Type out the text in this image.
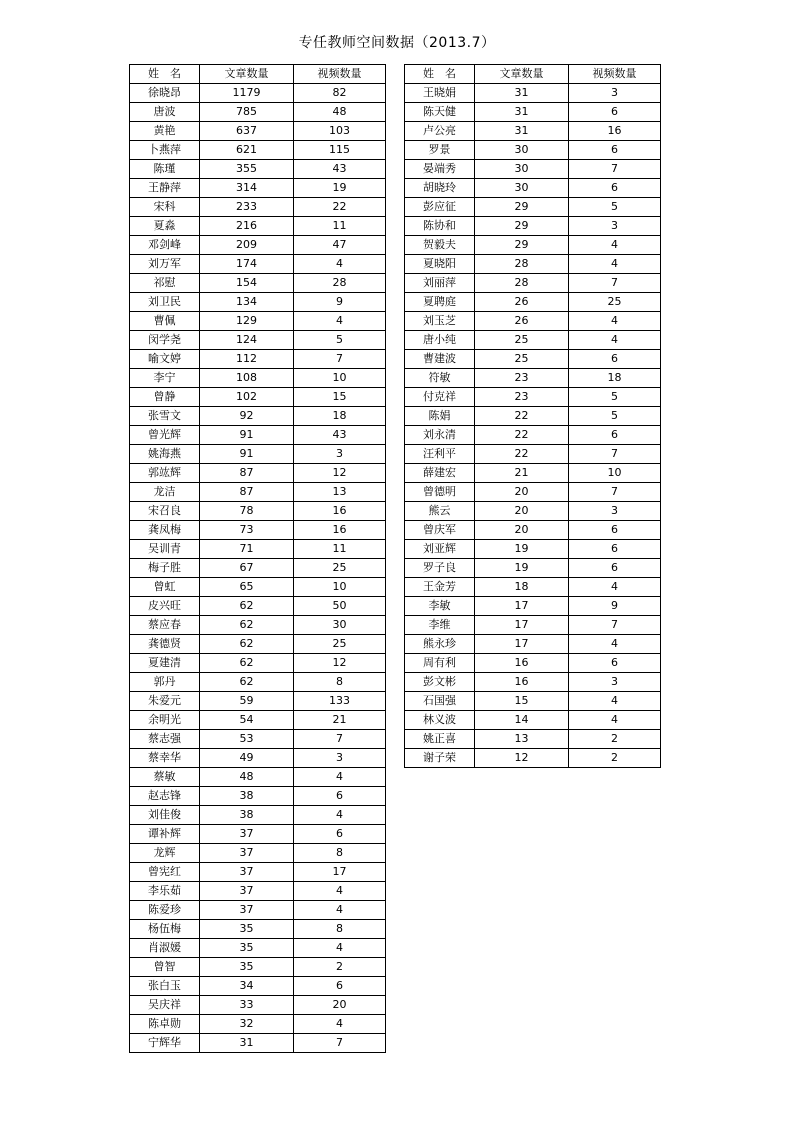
专任教师空间数据（2013.7）
姓　名	文章数量	视频数量
徐晓昂	1179	82
唐波	785	48
黄艳	637	103
卜燕萍	621	115
陈瑾	355	43
王静萍	314	19
宋科	233	22
夏淼	216	11
邓剑峰	209	47
刘万军	174	4
祁慰	154	28
刘卫民	134	9
曹佩	129	4
闵学尧	124	5
喻文婷	112	7
李宁	108	10
曾静	102	15
张雪文	92	18
曾光辉	91	43
姚海燕	91	3
郭竑辉	87	12
龙洁	87	13
宋召良	78	16
龚凤梅	73	16
吴训青	71	11
梅子胜	67	25
曾虹	65	10
皮兴旺	62	50
蔡应春	62	30
龚德贤	62	25
夏建清	62	12
郭丹	62	8
朱爱元	59	133
余明光	54	21
蔡志强	53	7
蔡幸华	49	3
蔡敏	48	4
赵志锋	38	6
刘佳俊	38	4
谭补辉	37	6
龙辉	37	8
曾宪红	37	17
李乐茹	37	4
陈爱珍	37	4
杨伍梅	35	8
肖淑媛	35	4
曾智	35	2
张白玉	34	6
吴庆祥	33	20
陈卓勋	32	4
宁辉华	31	7
姓　名	文章数量	视频数量
王晓娟	31	3
陈天健	31	6
卢公亮	31	16
罗景	30	6
晏端秀	30	7
胡晓玲	30	6
彭应征	29	5
陈协和	29	3
贺毅夫	29	4
夏晓阳	28	4
刘丽萍	28	7
夏聘庭	26	25
刘玉芝	26	4
唐小纯	25	4
曹建波	25	6
符敏	23	18
付克祥	23	5
陈娟	22	5
刘永清	22	6
汪利平	22	7
薛建宏	21	10
曾德明	20	7
熊云	20	3
曾庆军	20	6
刘亚辉	19	6
罗子良	19	6
王金芳	18	4
李敏	17	9
李维	17	7
熊永珍	17	4
周有利	16	6
彭文彬	16	3
石国强	15	4
林义波	14	4
姚正喜	13	2
谢子荣	12	2
